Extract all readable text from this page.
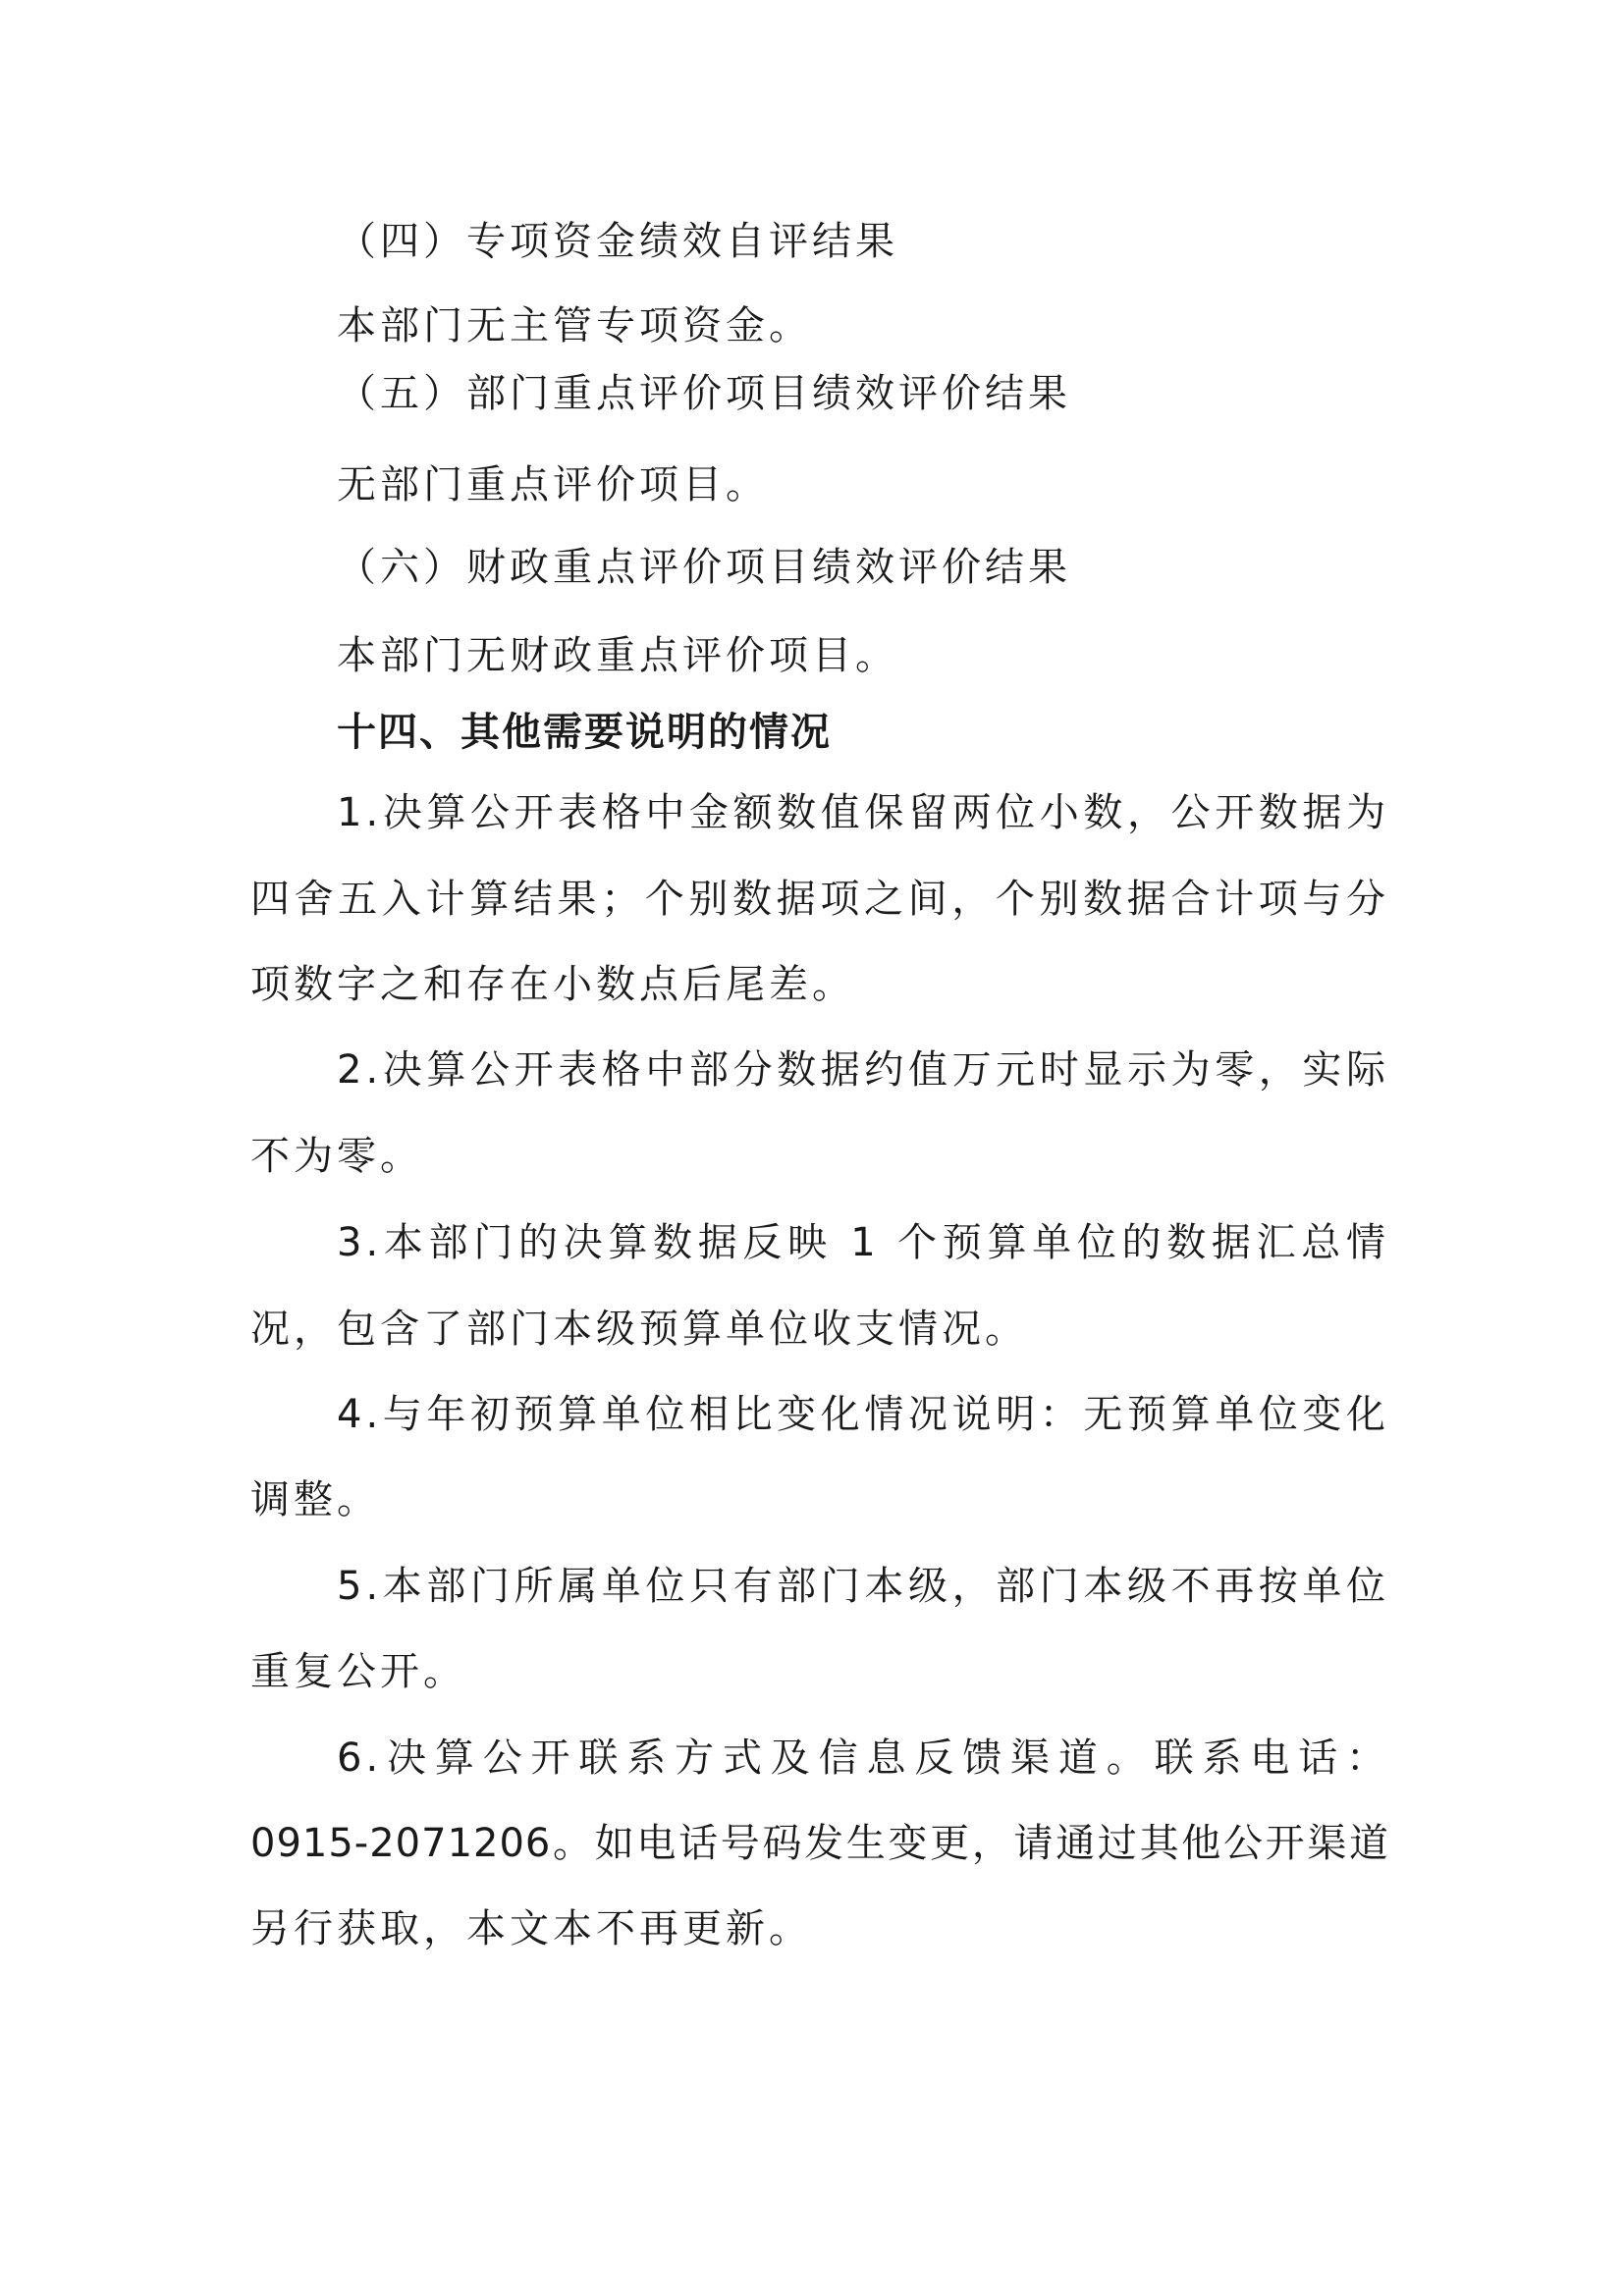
（四）专项资金绩效自评结果
本部门无主管专项资金。
（五）部门重点评价项目绩效评价结果
无部门重点评价项目。
（六）财政重点评价项目绩效评价结果
本部门无财政重点评价项目。
十四、其他需要说明的情况
1.决算公开表格中金额数值保留两位小数，公开数据为
四舍五入计算结果；个别数据项之间，个别数据合计项与分
项数字之和存在小数点后尾差。
2.决算公开表格中部分数据约值万元时显示为零，实际
不为零。
3.本部门的决算数据反映 1 个预算单位的数据汇总情
况，包含了部门本级预算单位收支情况。
4.与年初预算单位相比变化情况说明：无预算单位变化
调整。
5.本部门所属单位只有部门本级，部门本级不再按单位
重复公开。
6.决算公开联系方式及信息反馈渠道。联系电话：
0915-2071206。如电话号码发生变更，请通过其他公开渠道
另行获取，本文本不再更新。
